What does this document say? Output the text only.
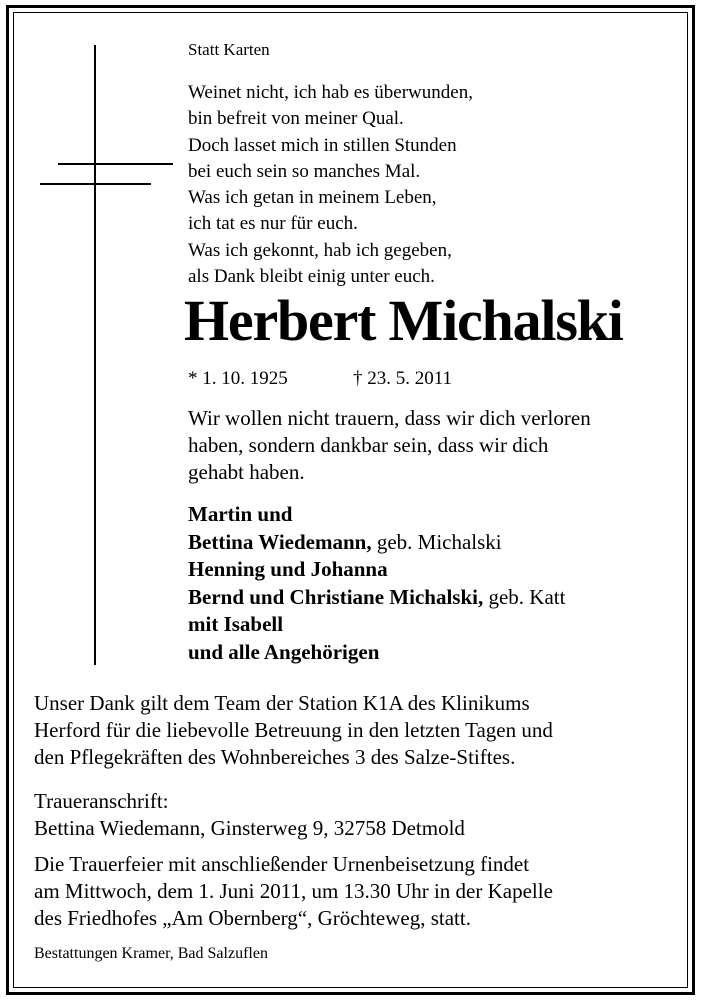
Statt Karten
Weinet nicht, ich hab es überwunden,
bin befreit von meiner Qual.
Doch lasset mich in stillen Stunden
bei euch sein so manches Mal.
Was ich getan in meinem Leben,
ich tat es nur für euch.
Was ich gekonnt, hab ich gegeben,
als Dank bleibt einig unter euch.
Herbert Michalski
* 1. 10. 1925	† 23. 5. 2011
Wir wollen nicht trauern, dass wir dich verloren
haben, sondern dankbar sein, dass wir dich
gehabt haben.
Martin und
Bettina Wiedemann, geb. Michalski
Henning und Johanna
Bernd und Christiane Michalski, geb. Katt
mit Isabell
und alle Angehörigen
Unser Dank gilt dem Team der Station K1A des Klinikums
Herford für die liebevolle Betreuung in den letzten Tagen und
den Pflegekräften des Wohnbereiches 3 des Salze-Stiftes.
Traueranschrift:
Bettina Wiedemann, Ginsterweg 9, 32758 Detmold
Die Trauerfeier mit anschließender Urnenbeisetzung findet
am Mittwoch, dem 1. Juni 2011, um 13.30 Uhr in der Kapelle
des Friedhofes „Am Obernberg“, Gröchteweg, statt.
Bestattungen Kramer, Bad Salzuflen
